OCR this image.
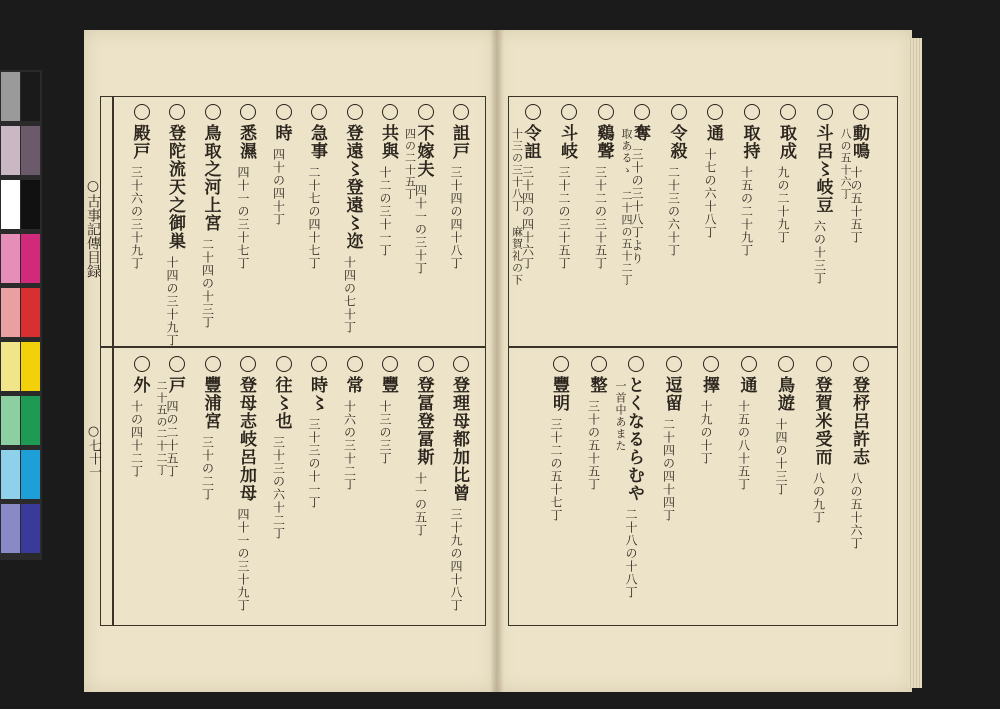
○古事記傳目録
○七十一
動鳴
十の五十五丁
八の五十六丁
斗呂〻岐豆
六の十三丁
取成
九の二十九丁
取持
十五の二十九丁
通
十七の六十八丁
令殺
二十三の六十丁
奪
三十の三十八丁より
取あるゝ 二十四の五十二丁
鷄聲
三十二の三十五丁
斗岐
三十二の三十五丁
令詛
三十四の四十六丁
十三の三十八丁 麻賀礼の下
登杼呂許志
八の五十六丁
登賀米受而
八の九丁
鳥遊
十四の十三丁
通
十五の八十五丁
擇
十九の十丁
逗留
二十四の四十四丁
とくなるらむや
二十八の十八丁
一首中あまた
整
三十の五十五丁
豐明
三十二の五十七丁
詛戸
三十四の四十八丁
不嫁夫
四十一の三十丁
四の二十五丁
共與
十二の三十一丁
登遠〻登遠〻迩
十四の七十丁
急事
二十七の四十七丁
時
四十の四十丁
悉濕
四十一の三十七丁
鳥取之河上宮
二十四の十三丁
登陀流天之御巣
十四の三十九丁
殿戸
三十六の三十九丁
登理母都加比曾
三十九の四十八丁
登冨登冨斯
十一の五丁
豐
十三の三丁
常
十六の三十二丁
時〻
三十三の十一丁
往〻也
三十三の六十二丁
登母志岐呂加母
四十一の三十九丁
豐浦宮
三十の二丁
戸
四の二十五丁
二十五の二十二丁
外
十の四十二丁
